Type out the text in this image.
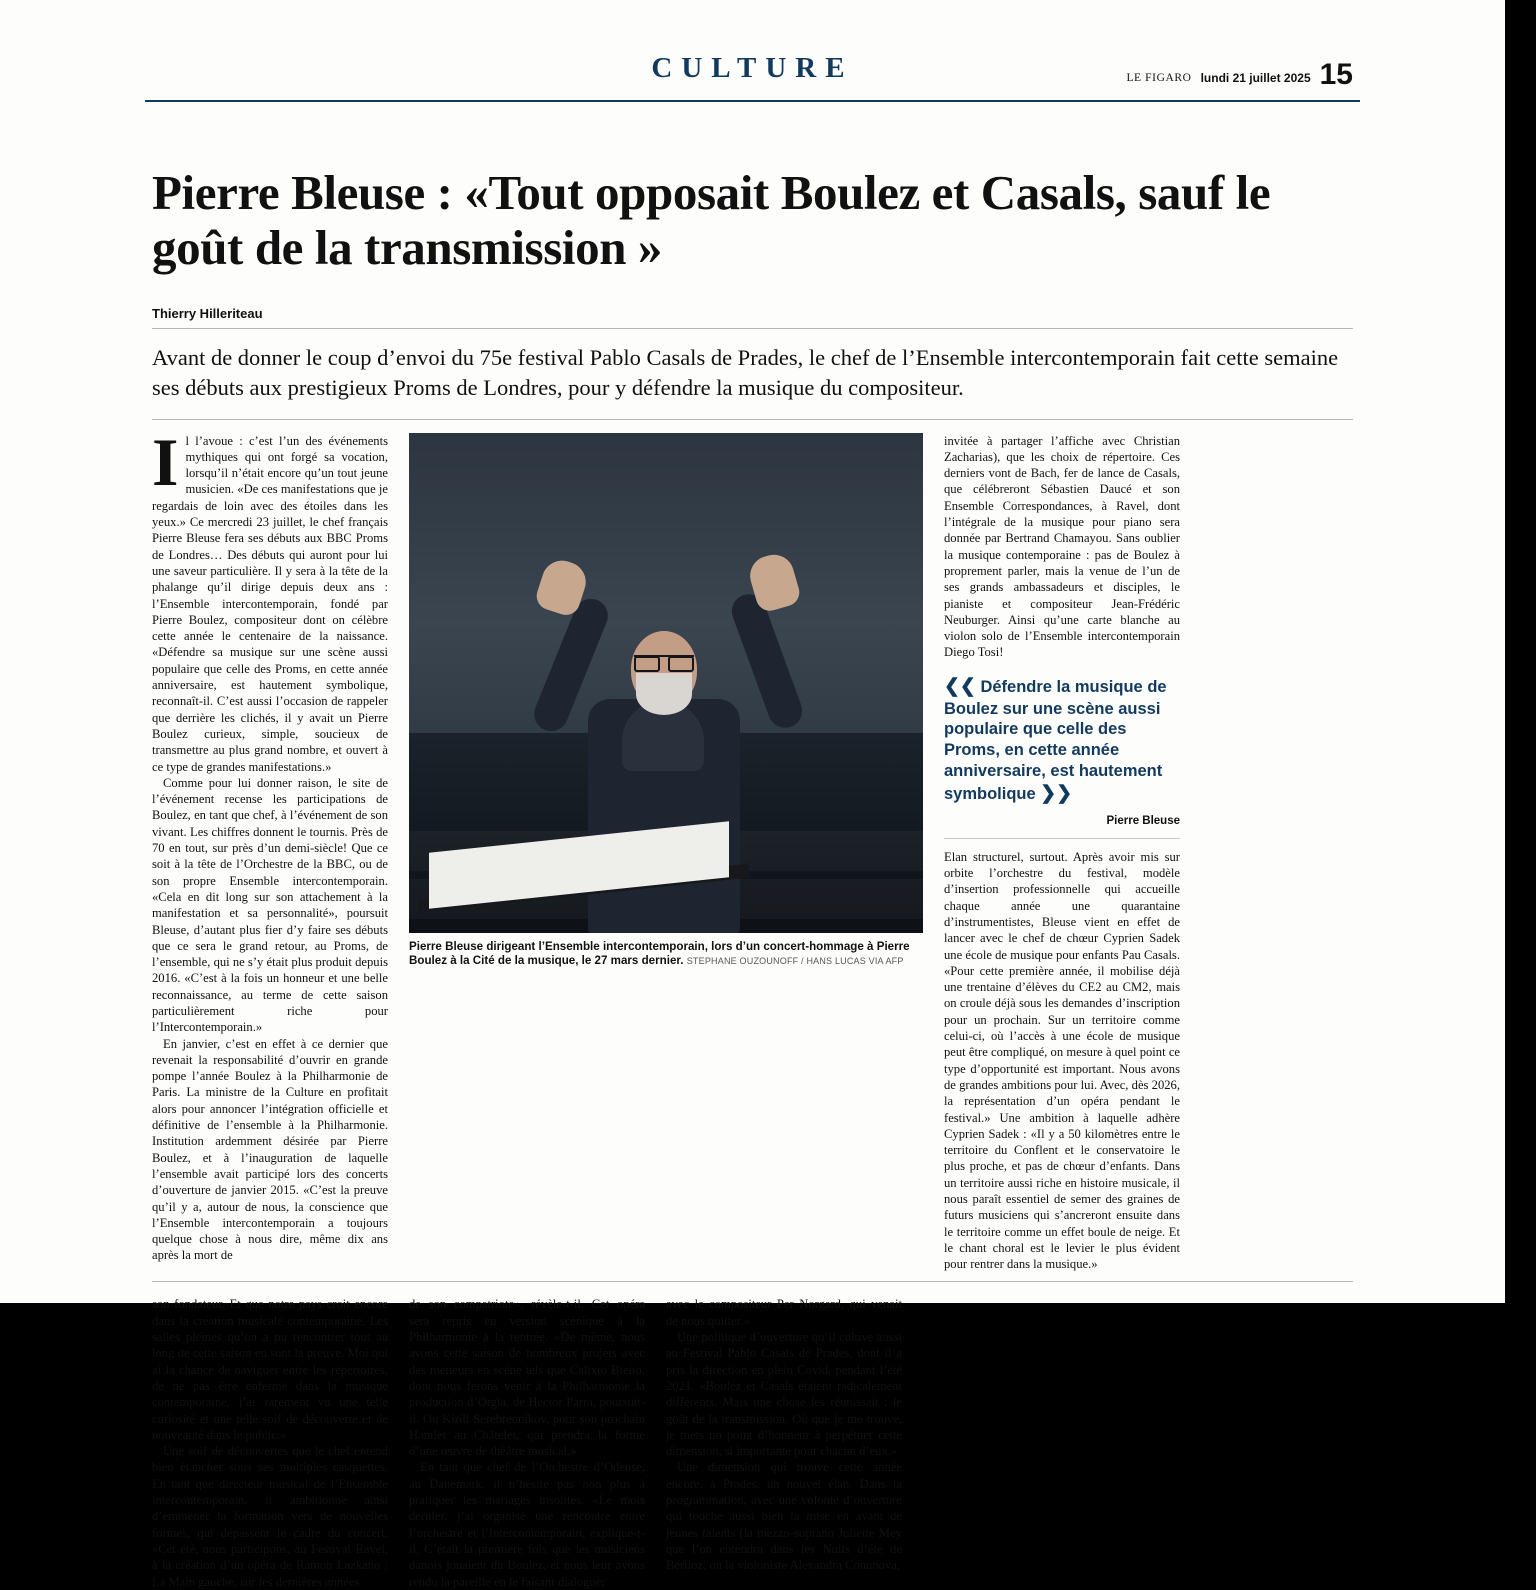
CULTURE	LE FIGARO lundi 21 juillet 2025 15
Pierre Bleuse : «Tout opposait Boulez et Casals, sauf le goût de la transmission »
Thierry Hilleriteau
Avant de donner le coup d’envoi du 75e festival Pablo Casals de Prades, le chef de l’Ensemble intercontemporain fait cette semaine ses débuts aux prestigieux Proms de Londres, pour y défendre la musique du compositeur.

Il l’avoue : c’est l’un des événements mythiques qui ont forgé sa vocation, lorsqu’il n’était encore qu’un tout jeune musicien. «De ces manifestations que je regardais de loin avec des étoiles dans les yeux.» Ce mercredi 23 juillet, le chef français Pierre Bleuse fera ses débuts aux BBC Proms de Londres… Des débuts qui auront pour lui une saveur particulière. Il y sera à la tête de la phalange qu’il dirige depuis deux ans : l’Ensemble intercontemporain, fondé par Pierre Boulez, compositeur dont on célèbre cette année le centenaire de la naissance. «Défendre sa musique sur une scène aussi populaire que celle des Proms, en cette année anniversaire, est hautement symbolique, reconnaît-il. C’est aussi l’occasion de rappeler que derrière les clichés, il y avait un Pierre Boulez curieux, simple, soucieux de transmettre au plus grand nombre, et ouvert à ce type de grandes manifestations.»

Comme pour lui donner raison, le site de l’événement recense les participations de Boulez, en tant que chef, à l’événement de son vivant. Les chiffres donnent le tournis. Près de 70 en tout, sur près d’un demi-siècle! Que ce soit à la tête de l’Orchestre de la BBC, ou de son propre Ensemble intercontemporain. «Cela en dit long sur son attachement à la manifestation et sa personnalité», poursuit Bleuse, d’autant plus fier d’y faire ses débuts que ce sera le grand retour, au Proms, de l’ensemble, qui ne s’y était plus produit depuis 2016. «C’est à la fois un honneur et une belle reconnaissance, au terme de cette saison particulièrement riche pour l’Intercontemporain.»

En janvier, c’est en effet à ce dernier que revenait la responsabilité d’ouvrir en grande pompe l’année Boulez à la Philharmonie de Paris. La ministre de la Culture en profitait alors pour annoncer l’intégration officielle et définitive de l’ensemble à la Philharmonie. Institution ardemment désirée par Pierre Boulez, et à l’inauguration de laquelle l’ensemble avait participé lors des concerts d’ouverture de janvier 2015. «C’est la preuve qu’il y a, autour de nous, la conscience que l’Ensemble intercontemporain a toujours quelque chose à nous dire, même dix ans après la mort de

Pierre Bleuse dirigeant l’Ensemble intercontemporain, lors d’un concert-hommage à Pierre Boulez à la Cité de la musique, le 27 mars dernier. STEPHANE OUZOUNOFF / HANS LUCAS VIA AFP

invitée à partager l’affiche avec Christian Zacharias), que les choix de répertoire. Ces derniers vont de Bach, fer de lance de Casals, que célébreront Sébastien Daucé et son Ensemble Correspondances, à Ravel, dont l’intégrale de la musique pour piano sera donnée par Bertrand Chamayou. Sans oublier la musique contemporaine : pas de Boulez à proprement parler, mais la venue de l’un de ses grands ambassadeurs et disciples, le pianiste et compositeur Jean-Frédéric Neuburger. Ainsi qu’une carte blanche au violon solo de l’Ensemble intercontemporain Diego Tosi!

❮❮ Défendre la musique de Boulez sur une scène aussi populaire que celle des Proms, en cette année anniversaire, est hautement symbolique ❯❯
Pierre Bleuse

Elan structurel, surtout. Après avoir mis sur orbite l’orchestre du festival, modèle d’insertion professionnelle qui accueille chaque année une quarantaine d’instrumentistes, Bleuse vient en effet de lancer avec le chef de chœur Cyprien Sadek une école de musique pour enfants Pau Casals. «Pour cette première année, il mobilise déjà une trentaine d’élèves du CE2 au CM2, mais on croule déjà sous les demandes d’inscription pour un prochain. Sur un territoire comme celui-ci, où l’accès à une école de musique peut être compliqué, on mesure à quel point ce type d’opportunité est important. Nous avons de grandes ambitions pour lui. Avec, dès 2026, la représentation d’un opéra pendant le festival.» Une ambition à laquelle adhère Cyprien Sadek : «Il y a 50 kilomètres entre le territoire du Conflent et le conservatoire le plus proche, et pas de chœur d’enfants. Dans un territoire aussi riche en histoire musicale, il nous paraît essentiel de semer des graines de futurs musiciens qui s’ancreront ensuite dans le territoire comme un effet boule de neige. Et le chant choral est le levier le plus évident pour rentrer dans la musique.»

son fondateur. Et que notre pays croit encore dans la création musicale contemporaine. Les salles pleines qu’on a pu rencontrer tout au long de cette saison en sont la preuve. Moi qui ai la chance de naviguer entre les répertoires, de ne pas être enfermé dans la musique contemporaine, j’ai rarement vu une telle curiosité et une telle soif de découverte et de nouveauté dans le public.»

Une soif de découvertes que le chef entend bien étancher sous ses multiples casquettes. En tant que directeur musical de l’Ensemble intercontemporain, il ambitionne ainsi d’emmener la formation vers de nouvelles formes, qui dépassent le cadre du concert. «Cet été, nous participons, au Festival Ravel, à la création d’un opéra de Ramon Lazkano : La Main gauche, sur les dernières années

de son compatriote», révèle-t-il. Cet opéra sera repris en version scénique à la Philharmonie à la rentrée. «De même, nous avons cette saison de nombreux projets avec des metteurs en scène tels que Calixto Bieito, dont nous ferons venir à la Philharmonie la production d’Orgïa, de Hector Parra, poursuit-il. Ou Kirill Serebrennikov, pour son prochain Hamlet au Châtelet, qui prendra la forme d’une œuvre de théâtre musical.»

En tant que chef de l’Orchestre d’Odense, au Danemark, il n’hésite pas non plus à pratiquer les mariages insolites. «Le mois dernier, j’ai organisé une rencontre entre l’orchestre et l’Intercontemporain, explique-t-il. C’était la première fois que les musiciens danois jouaient du Boulez, et nous leur avons rendu la pareille en le faisant dialoguer

avec le compositeur Per Norgard, qui venait de nous quitter.»

Une politique d’ouverture qu’il cultive aussi au Festival Pablo Casals de Prades, dont il a pris la direction en plein Covid, pendant l’été 2021. «Boulez et Casals étaient radicalement différents. Mais une chose les réunissait : le goût de la transmission. Où que je me trouve, je mets un point d’honneur à perpétuer cette dimension, si importante pour chacun d’eux.»

Une dimension qui trouve cette année encore, à Prades, un nouvel élan. Dans la programmation, avec une volonté d’ouverture qui touche aussi bien la mise en avant de jeunes talents (la mezzo-soprano Juliette Mey que l’on entendra dans les Nuits d’été de Berlioz, ou la violoniste Alexandra Conunova,

Festival Pablo Casals de Prades :
du 28 juillet au 8 août.
